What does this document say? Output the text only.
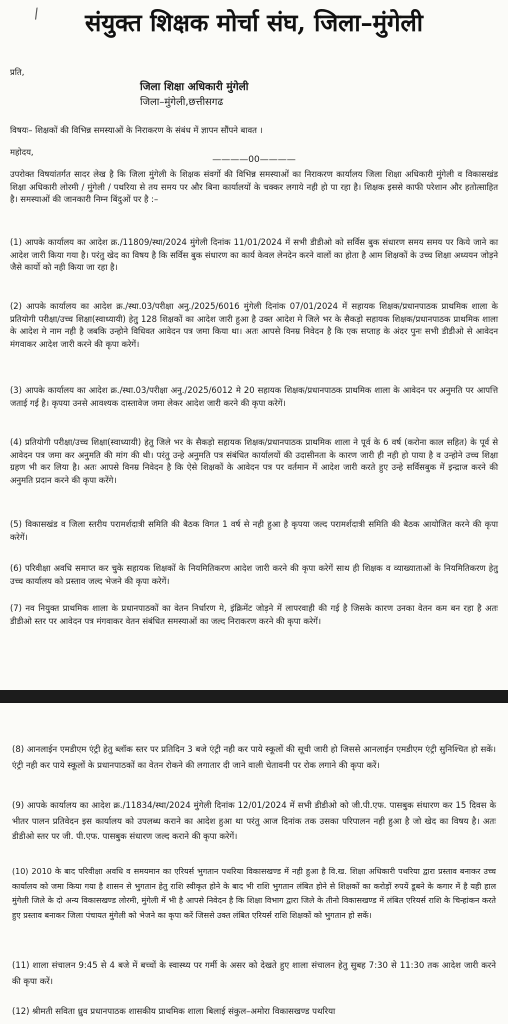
/	संयुक्त शिक्षक मोर्चा संघ, जिला–मुंगेली
प्रति,
जिला शिक्षा अधिकारी मुंगेली
जिला–मुंगेली,छत्तीसगढ
विषयः– शिक्षकों की विभिन्न समस्याओं के निराकरण के संबंध में ज्ञापन सौंपने बावत ।
महोदय,
————00————
उपरोक्त विषयांतर्गत सादर लेख है कि जिला मुंगेली के शिक्षक संवर्गो की विभिन्न समस्याओं का निराकरण कार्यालय जिला शिक्षा अधिकारी मुंगेली व विकासखंड शिक्षा अधिकारी लोरमी / मुंगेली / पथरिया से तय समय पर और बिना कार्यालयों के चक्कर लगाये नही हो पा रहा है। शिक्षक इससे काफी परेशान और हतोत्साहित है। समस्याओं की जानकारी निम्न बिंदुओं पर है :–
(1) आपके कार्यालय का आदेश क्र./11809/स्था/2024 मुंगेली दिनांक 11/01/2024 में सभी डीडीओ को सर्विस बुक संधारण समय समय पर किये जाने का आदेश जारी किया गया है। परंतु खेद का विषय है कि सर्विस बुक संधारण का कार्य केवल लेनदेन करने वालों का होता है आम शिक्षकों के उच्च शिक्षा अध्ययन जोड़ने जैसे कार्यो को नही किया जा रहा है।
(2) आपके कार्यालय का आदेश क्र./स्था.03/परीक्षा अनु./2025/6016 मुंगेली दिनांक 07/01/2024 में सहायक शिक्षक/प्रधानपाठक प्राथमिक शाला के प्रतियोगी परीक्षा/उच्च शिक्षा(स्वाध्यायी) हेतु 128 शिक्षकों का आदेश जारी हुआ है उक्त आदेश मे जिले भर के सैकड़ो सहायक शिक्षक/प्रधानपाठक प्राथमिक शाला के आदेश मे नाम नही है जबकि उन्होने विधिवत आवेदन पत्र जमा किया था। अतः आपसे विनम्र निवेदन है कि एक सप्ताह के अंदर पुनः सभी डीडीओ से आवेदन मंगवाकर आदेश जारी करने की कृपा करेगें।
(3) आपके कार्यालय का आदेश क्र./स्था.03/परीक्षा अनु./2025/6012 मे 20 सहायक शिक्षक/प्रधानपाठक प्राथमिक शाला के आवेदन पर अनुमति पर आपत्ति जताई गई है। कृपया उनसे आवश्यक दास्तावेज जमा लेकर आदेश जारी करने की कृपा करेगें।
(4) प्रतियोगी परीक्षा/उच्च शिक्षा(स्वाध्यायी) हेतु जिले भर के सैकड़ो सहायक शिक्षक/प्रधानपाठक प्राथमिक शाला ने पूर्व के 6 वर्ष (करोना काल सहित) के पूर्व से आवेदन पत्र जमा कर अनुमति की मांग की थी। परंतु उन्हे अनुमति पत्र संबंधित कार्यालयों की उदासीनता के कारण जारी ही नही हो पाया है व उन्होने उच्च शिक्षा ग्रहण भी कर लिया है। अतः आपसे विनम्र निवेदन है कि ऐसे शिक्षकों के आवेदन पत्र पर वर्तमान में आदेश जारी करते हुए उन्हे सर्विसबुक में इन्द्राज करने की अनुमति प्रदान करने की कृपा करेंगे।
(5) विकासखंड व जिला स्तरीय परामर्शदात्री समिति की बैठक विगत 1 वर्ष से नही हुआ है कृपया जल्द परामर्शदात्री समिति की बैठक आयोजित करने की कृपा करेगें।
(6) परिवीक्षा अवधि समाप्त कर चुके सहायक शिक्षकों के नियमितिकरण आदेश जारी करने की कृपा करेगें साथ ही शिक्षक व व्याख्याताओं के नियमितिकरण हेतु उच्च कार्यालय को प्रस्ताव जल्द भेजने की कृपा करेगें।
(7) नव नियुक्त प्राथमिक शाला के प्रधानपाठकों का वेतन निर्धारण मे, इंक्रिमेंट जोड़ने में लापरवाही की गई है जिसके कारण उनका वेतन कम बन रहा है अतः डीडीओ स्तर पर आवेदन पत्र मंगवाकर वेतन संबंधित समस्याओं का जल्द निराकरण करने की कृपा करेगें।
(8) आनलाईन एमडीएम एंट्री हेतु ब्लॉक स्तर पर प्रतिदिन 3 बजे एंट्री नही कर पाये स्कूलों की सूची जारी हो जिससे आनलाईन एमडीएम एंट्री सुनिश्चित हो सकें। एंट्री नही कर पाये स्कूलों के प्रधानपाठकों का वेतन रोकने की लगातार दी जाने वाली चेतावनी पर रोक लगाने की कृपा करें।
(9) आपके कार्यालय का आदेश क्र./11834/स्था/2024 मुंगेली दिनांक 12/01/2024 में सभी डीडीओ को जी.पी.एफ. पासबुक संधारण कर 15 दिवस के भीतर पालन प्रतिवेदन इस कार्यालय को उपलब्ध कराने का आदेश हुआ था परंतु आज दिनांक तक उसका परिपालन नही हुआ है जो खेद का विषय है। अतः डीडीओ स्तर पर जी. पी.एफ. पासबुक संधारण जल्द कराने की कृपा करेगें।
(10) 2010 के बाद परिवीक्षा अवधि व समयमान का एरियर्स भुगतान पथरिया विकासखण्ड में नही हुआ है वि.ख. शिक्षा अधिकारी पथरिया द्वारा प्रस्ताव बनाकर उच्च कार्यालय को जमा किया गया है शासन से भुगतान हेतु राशि स्वीकृत होने के बाद भी राशि भुगतान लंबित होने से शिक्षकों का करोड़ों रुपयें डूबने के कगार में है यही हाल मुंगेली जिले के दो अन्य विकासखण्ड लोरमी, मुंगेली में भी है आपसे निवेदन है कि शिक्षा विभाग द्वारा जिले के तीनो विकासखण्ड में लंबित एरियर्स राशि के चिन्हांकन करते हुए प्रस्ताव बनाकर जिला पंचायत मुंगेली को भेजने का कृपा करें जिससे उक्त लंबित एरियर्स राशि शिक्षकों को भुगतान हो सकें।
(11) शाला संचालन 9:45 से 4 बजे में बच्चों के स्वास्थ्य पर गर्मी के असर को देखते हुए शाला संचालन हेतु सुबह 7:30 से 11:30 तक आदेश जारी करने की कृपा करें।
(12) श्रीमती सविता ध्रुव प्रधानपाठक शासकीय प्राथमिक शाला बिलाई संकुल–अमोरा विकासखण्ड पथरिया
